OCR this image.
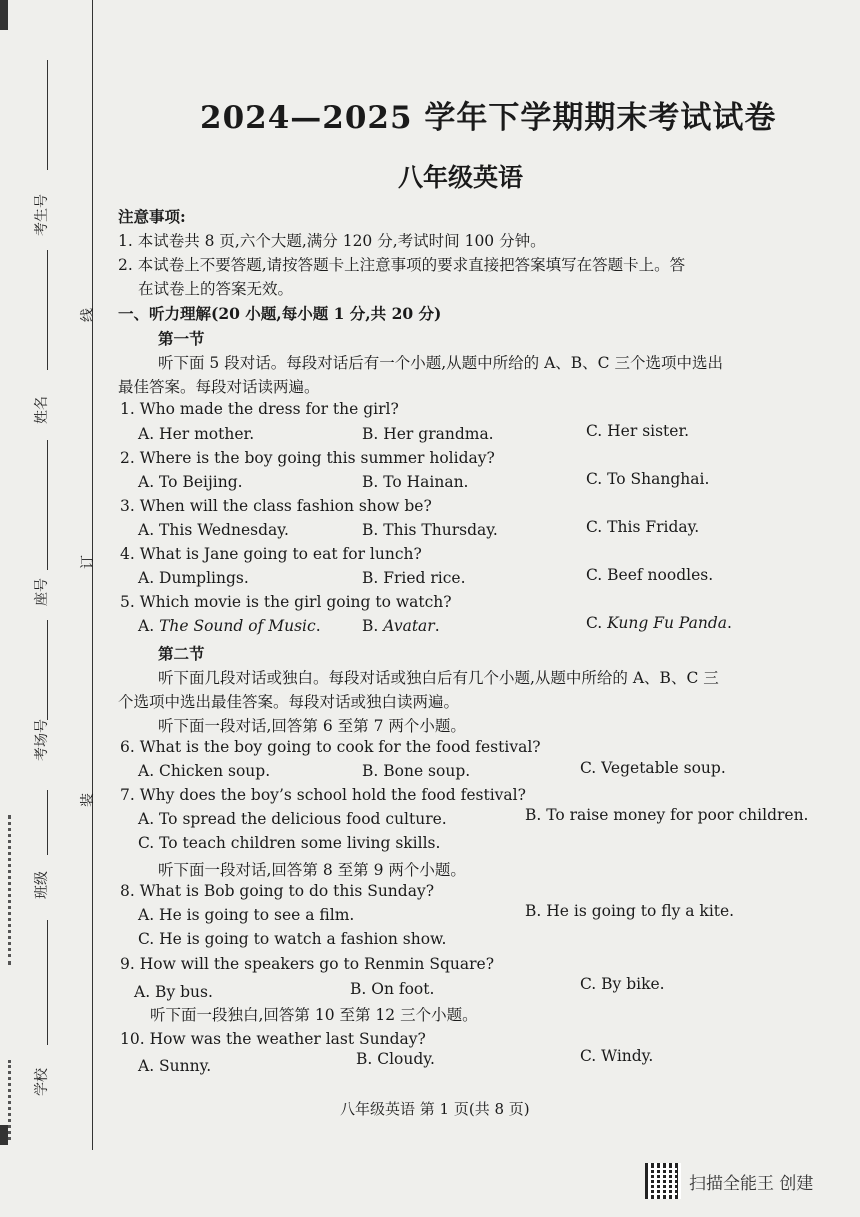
考生号
姓名
座号
考场号
班级
学校
线
订
装
2024—2025 学年下学期期末考试试卷
八年级英语
注意事项:
1. 本试卷共 8 页,六个大题,满分 120 分,考试时间 100 分钟。
2. 本试卷上不要答题,请按答题卡上注意事项的要求直接把答案填写在答题卡上。答
在试卷上的答案无效。
一、听力理解(20 小题,每小题 1 分,共 20 分)
第一节
听下面 5 段对话。每段对话后有一个小题,从题中所给的 A、B、C 三个选项中选出
最佳答案。每段对话读两遍。
1. Who made the dress for the girl?
A. Her mother.	B. Her grandma.	C. Her sister.
2. Where is the boy going this summer holiday?
A. To Beijing.	B. To Hainan.	C. To Shanghai.
3. When will the class fashion show be?
A. This Wednesday.	B. This Thursday.	C. This Friday.
4. What is Jane going to eat for lunch?
A. Dumplings.	B. Fried rice.	C. Beef noodles.
5. Which movie is the girl going to watch?
A. The Sound of Music.	B. Avatar.	C. Kung Fu Panda.
第二节
听下面几段对话或独白。每段对话或独白后有几个小题,从题中所给的 A、B、C 三
个选项中选出最佳答案。每段对话或独白读两遍。
听下面一段对话,回答第 6 至第 7 两个小题。
6. What is the boy going to cook for the food festival?
A. Chicken soup.	B. Bone soup.	C. Vegetable soup.
7. Why does the boy’s school hold the food festival?
A. To spread the delicious food culture.	B. To raise money for poor children.
C. To teach children some living skills.
听下面一段对话,回答第 8 至第 9 两个小题。
8. What is Bob going to do this Sunday?
A. He is going to see a film.	B. He is going to fly a kite.
C. He is going to watch a fashion show.
9. How will the speakers go to Renmin Square?
A. By bus.	B. On foot.	C. By bike.
听下面一段独白,回答第 10 至第 12 三个小题。
10. How was the weather last Sunday?
A. Sunny.	B. Cloudy.	C. Windy.
八年级英语 第 1 页(共 8 页)
扫描全能王 创建
